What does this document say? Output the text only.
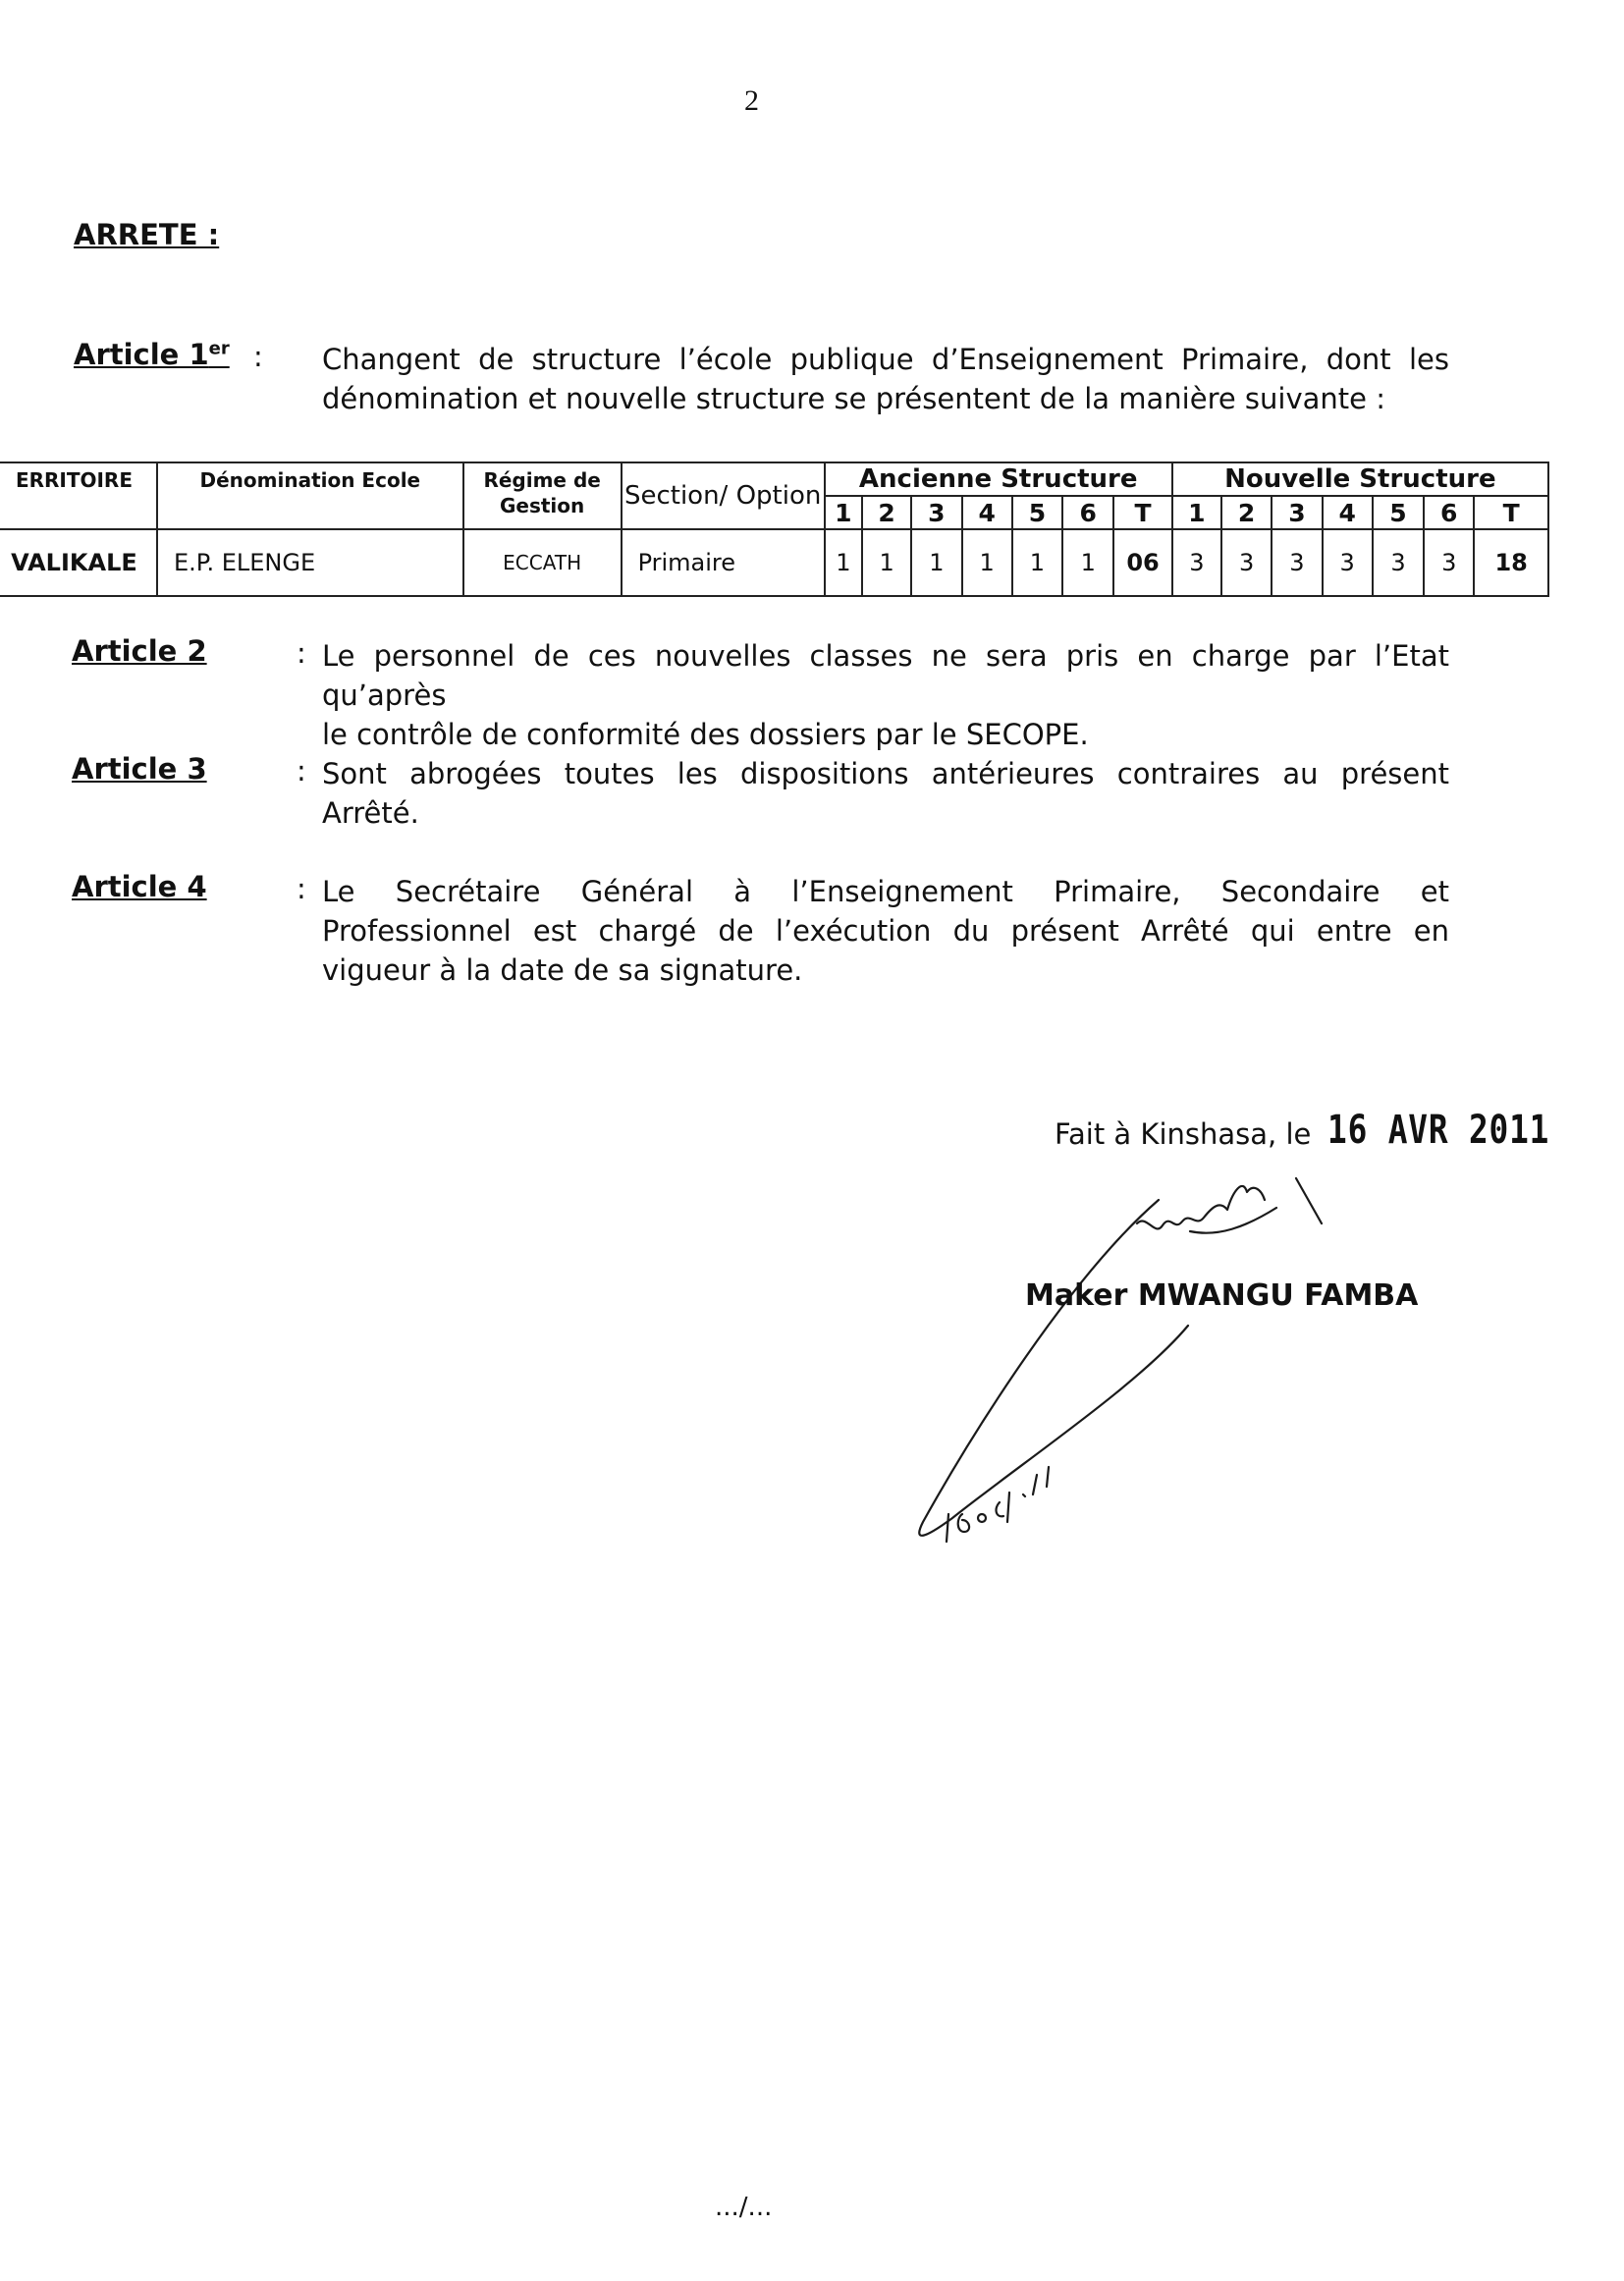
2
ARRETE :
Article 1er : Changent de structure l’école publique d’Enseignement Primaire, dont les
dénomination et nouvelle structure se présentent de la manière suivante :
ERRITOIRE	Dénomination Ecole	Régime de Gestion	Section/ Option	Ancienne Structure							Nouvelle Structure						
				1	2	3	4	5	6	T	1	2	3	4	5	6	T
VALIKALE	E.P. ELENGE	ECCATH	Primaire	1	1	1	1	1	1	06	3	3	3	3	3	3	18
Article 2	: Le personnel de ces nouvelles classes ne sera pris en charge par l’Etat qu’après
le contrôle de conformité des dossiers par le SECOPE.
Article 3	: Sont abrogées toutes les dispositions antérieures contraires au présent
Arrêté.
Article 4	: Le Secrétaire Général à l’Enseignement Primaire, Secondaire et
Professionnel est chargé de l’exécution du présent Arrêté qui entre en
vigueur à la date de sa signature.
Fait à Kinshasa, le 16 AVR 2011
Maker MWANGU FAMBA
.../...
